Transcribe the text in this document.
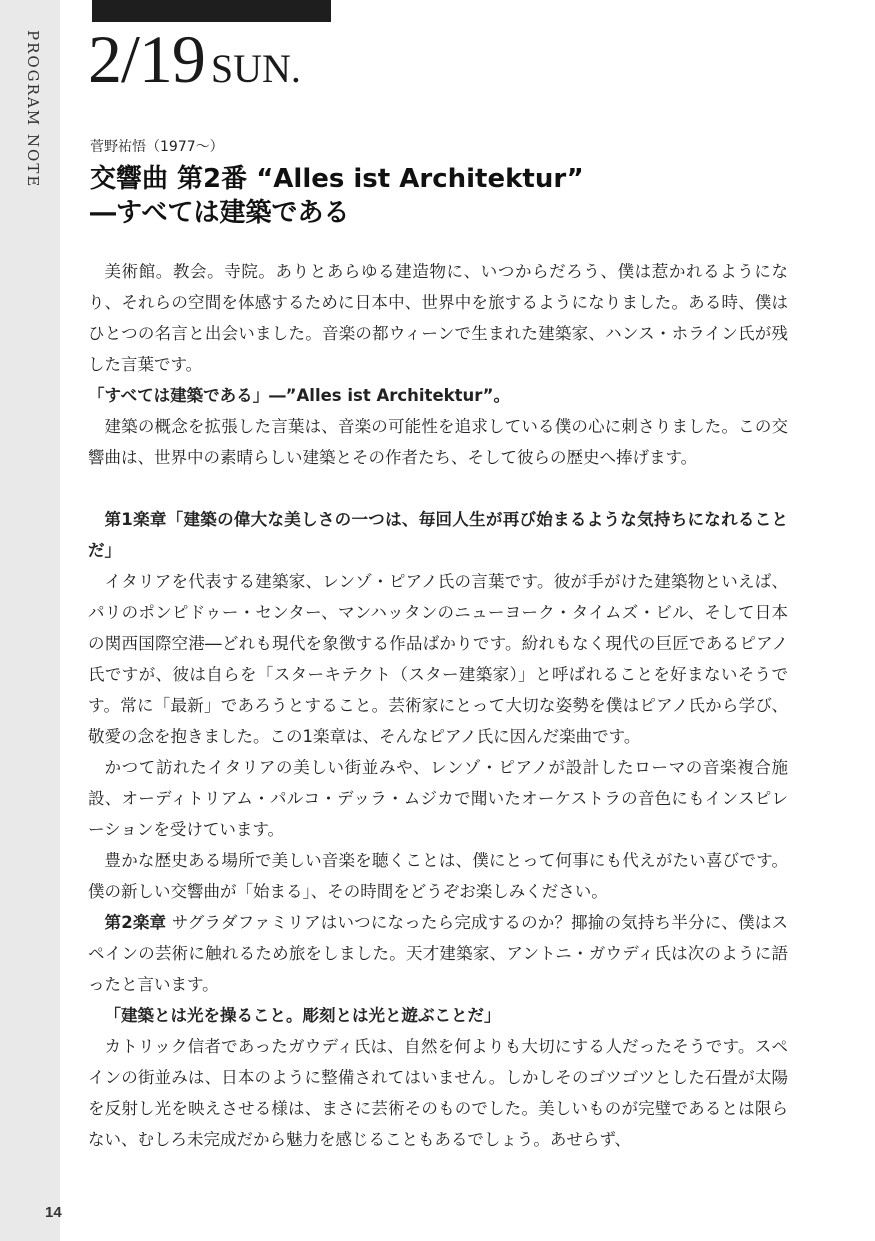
PROGRAM NOTE
14
2/19 SUN.
菅野祐悟（1977～）
交響曲 第2番 “Alles ist Architektur”
―すべては建築である

美術館。教会。寺院。ありとあらゆる建造物に、いつからだろう、僕は惹かれるようになり、それらの空間を体感するために日本中、世界中を旅するようになりました。ある時、僕はひとつの名言と出会いました。音楽の都ウィーンで生まれた建築家、ハンス・ホライン氏が残した言葉です。

「すべては建築である」―”Alles ist Architektur”。

建築の概念を拡張した言葉は、音楽の可能性を追求している僕の心に刺さりました。この交響曲は、世界中の素晴らしい建築とその作者たち、そして彼らの歴史へ捧げます。

第1楽章「建築の偉大な美しさの一つは、毎回人生が再び始まるような気持ちになれることだ」

イタリアを代表する建築家、レンゾ・ピアノ氏の言葉です。彼が手がけた建築物といえば、パリのポンピドゥー・センター、マンハッタンのニューヨーク・タイムズ・ビル、そして日本の関西国際空港―どれも現代を象徴する作品ばかりです。紛れもなく現代の巨匠であるピアノ氏ですが、彼は自らを「スターキテクト（スター建築家）」と呼ばれることを好まないそうです。常に「最新」であろうとすること。芸術家にとって大切な姿勢を僕はピアノ氏から学び、敬愛の念を抱きました。この1楽章は、そんなピアノ氏に因んだ楽曲です。

かつて訪れたイタリアの美しい街並みや、レンゾ・ピアノが設計したローマの音楽複合施設、オーディトリアム・パルコ・デッラ・ムジカで聞いたオーケストラの音色にもインスピレーションを受けています。

豊かな歴史ある場所で美しい音楽を聴くことは、僕にとって何事にも代えがたい喜びです。僕の新しい交響曲が「始まる」、その時間をどうぞお楽しみください。

第2楽章 サグラダファミリアはいつになったら完成するのか？揶揄の気持ち半分に、僕はスペインの芸術に触れるため旅をしました。天才建築家、アントニ・ガウディ氏は次のように語ったと言います。

「建築とは光を操ること。彫刻とは光と遊ぶことだ」

カトリック信者であったガウディ氏は、自然を何よりも大切にする人だったそうです。スペインの街並みは、日本のように整備されてはいません。しかしそのゴツゴツとした石畳が太陽を反射し光を映えさせる様は、まさに芸術そのものでした。美しいものが完璧であるとは限らない、むしろ未完成だから魅力を感じることもあるでしょう。あせらず、
